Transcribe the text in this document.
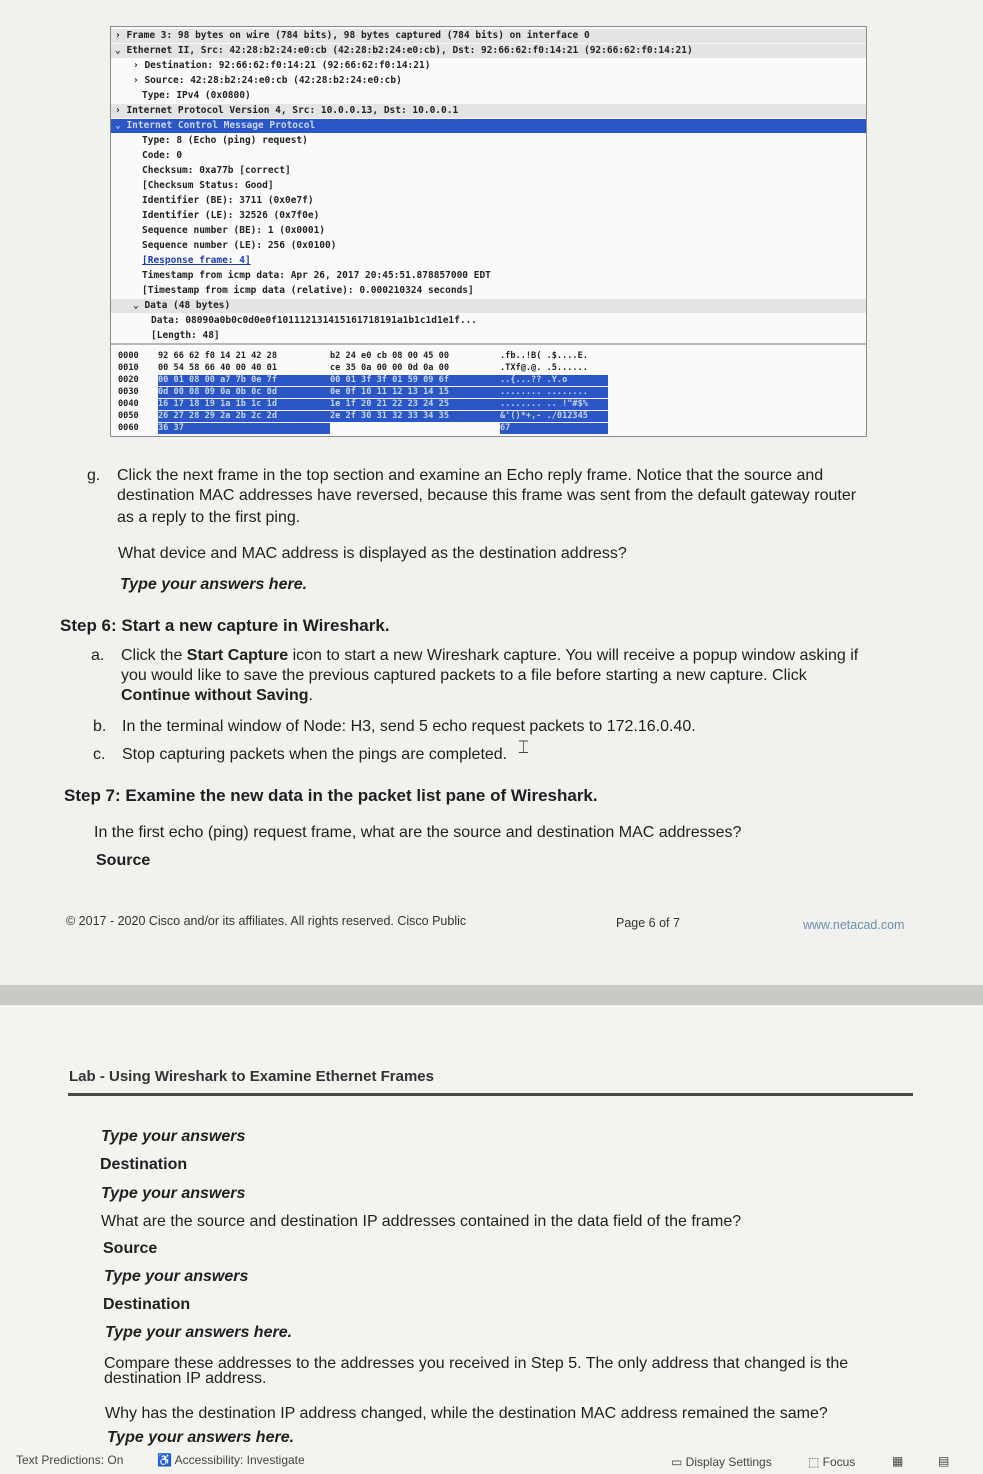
› Frame 3: 98 bytes on wire (784 bits), 98 bytes captured (784 bits) on interface 0
⌄ Ethernet II, Src: 42:28:b2:24:e0:cb (42:28:b2:24:e0:cb), Dst: 92:66:62:f0:14:21 (92:66:62:f0:14:21)
› Destination: 92:66:62:f0:14:21 (92:66:62:f0:14:21)
› Source: 42:28:b2:24:e0:cb (42:28:b2:24:e0:cb)
Type: IPv4 (0x0800)
› Internet Protocol Version 4, Src: 10.0.0.13, Dst: 10.0.0.1
⌄ Internet Control Message Protocol
Type: 8 (Echo (ping) request)
Code: 0
Checksum: 0xa77b [correct]
[Checksum Status: Good]
Identifier (BE): 3711 (0x0e7f)
Identifier (LE): 32526 (0x7f0e)
Sequence number (BE): 1 (0x0001)
Sequence number (LE): 256 (0x0100)
[Response frame: 4]
Timestamp from icmp data: Apr 26, 2017 20:45:51.878857000 EDT
[Timestamp from icmp data (relative): 0.000210324 seconds]
⌄ Data (48 bytes)
Data: 08090a0b0c0d0e0f101112131415161718191a1b1c1d1e1f...
[Length: 48]
0000 92 66 62 f0 14 21 42 28	b2 24 e0 cb 08 00 45 00	.fb..!B( .$....E.
0010 00 54 58 66 40 00 40 01	ce 35 0a 00 00 0d 0a 00	.TXf@.@. .5......
0020 00 01 08 00 a7 7b 0e 7f	00 01 3f 3f 01 59 09 6f	..{...?? .Y.o
0030 0d 00 08 09 0a 0b 0c 0d	0e 0f 10 11 12 13 14 15	........ ........
0040 16 17 18 19 1a 1b 1c 1d	1e 1f 20 21 22 23 24 25	........ .. !"#$%
0050 26 27 28 29 2a 2b 2c 2d	2e 2f 30 31 32 33 34 35	&'()*+,- ./012345
0060 36 37	67
g. Click the next frame in the top section and examine an Echo reply frame. Notice that the source and
destination MAC addresses have reversed, because this frame was sent from the default gateway router
as a reply to the first ping.
What device and MAC address is displayed as the destination address?
Type your answers here.
Step 6: Start a new capture in Wireshark.
a. Click the Start Capture icon to start a new Wireshark capture. You will receive a popup window asking if
you would like to save the previous captured packets to a file before starting a new capture. Click
Continue without Saving.
b. In the terminal window of Node: H3, send 5 echo request packets to 172.16.0.40.
c. Stop capturing packets when the pings are completed. ⌶
Step 7: Examine the new data in the packet list pane of Wireshark.
In the first echo (ping) request frame, what are the source and destination MAC addresses?
Source
© 2017 - 2020 Cisco and/or its affiliates. All rights reserved. Cisco Public	Page 6 of 7	www.netacad.com
Lab - Using Wireshark to Examine Ethernet Frames
Type your answers
Destination
Type your answers
What are the source and destination IP addresses contained in the data field of the frame?
Source
Type your answers
Destination
Type your answers here.
Compare these addresses to the addresses you received in Step 5. The only address that changed is the
destination IP address.
Why has the destination IP address changed, while the destination MAC address remained the same?
Type your answers here.
Text Predictions: On	♿ Accessibility: Investigate	▭ Display Settings	⬚ Focus	▦	▤
